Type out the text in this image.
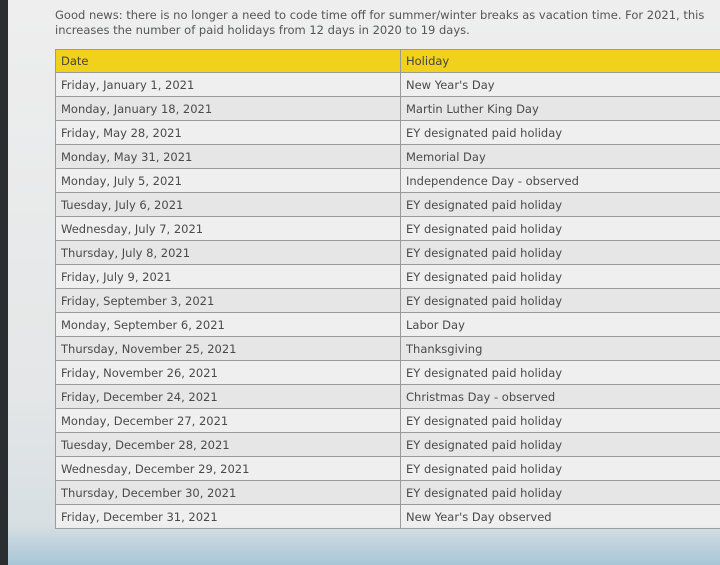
Good news: there is no longer a need to code time off for summer/winter breaks as vacation time. For 2021, this increases the number of paid holidays from 12 days in 2020 to 19 days.
Date	Holiday
Friday, January 1, 2021	New Year's Day
Monday, January 18, 2021	Martin Luther King Day
Friday, May 28, 2021	EY designated paid holiday
Monday, May 31, 2021	Memorial Day
Monday, July 5, 2021	Independence Day - observed
Tuesday, July 6, 2021	EY designated paid holiday
Wednesday, July 7, 2021	EY designated paid holiday
Thursday, July 8, 2021	EY designated paid holiday
Friday, July 9, 2021	EY designated paid holiday
Friday, September 3, 2021	EY designated paid holiday
Monday, September 6, 2021	Labor Day
Thursday, November 25, 2021	Thanksgiving
Friday, November 26, 2021	EY designated paid holiday
Friday, December 24, 2021	Christmas Day - observed
Monday, December 27, 2021	EY designated paid holiday
Tuesday, December 28, 2021	EY designated paid holiday
Wednesday, December 29, 2021	EY designated paid holiday
Thursday, December 30, 2021	EY designated paid holiday
Friday, December 31, 2021	New Year's Day observed
